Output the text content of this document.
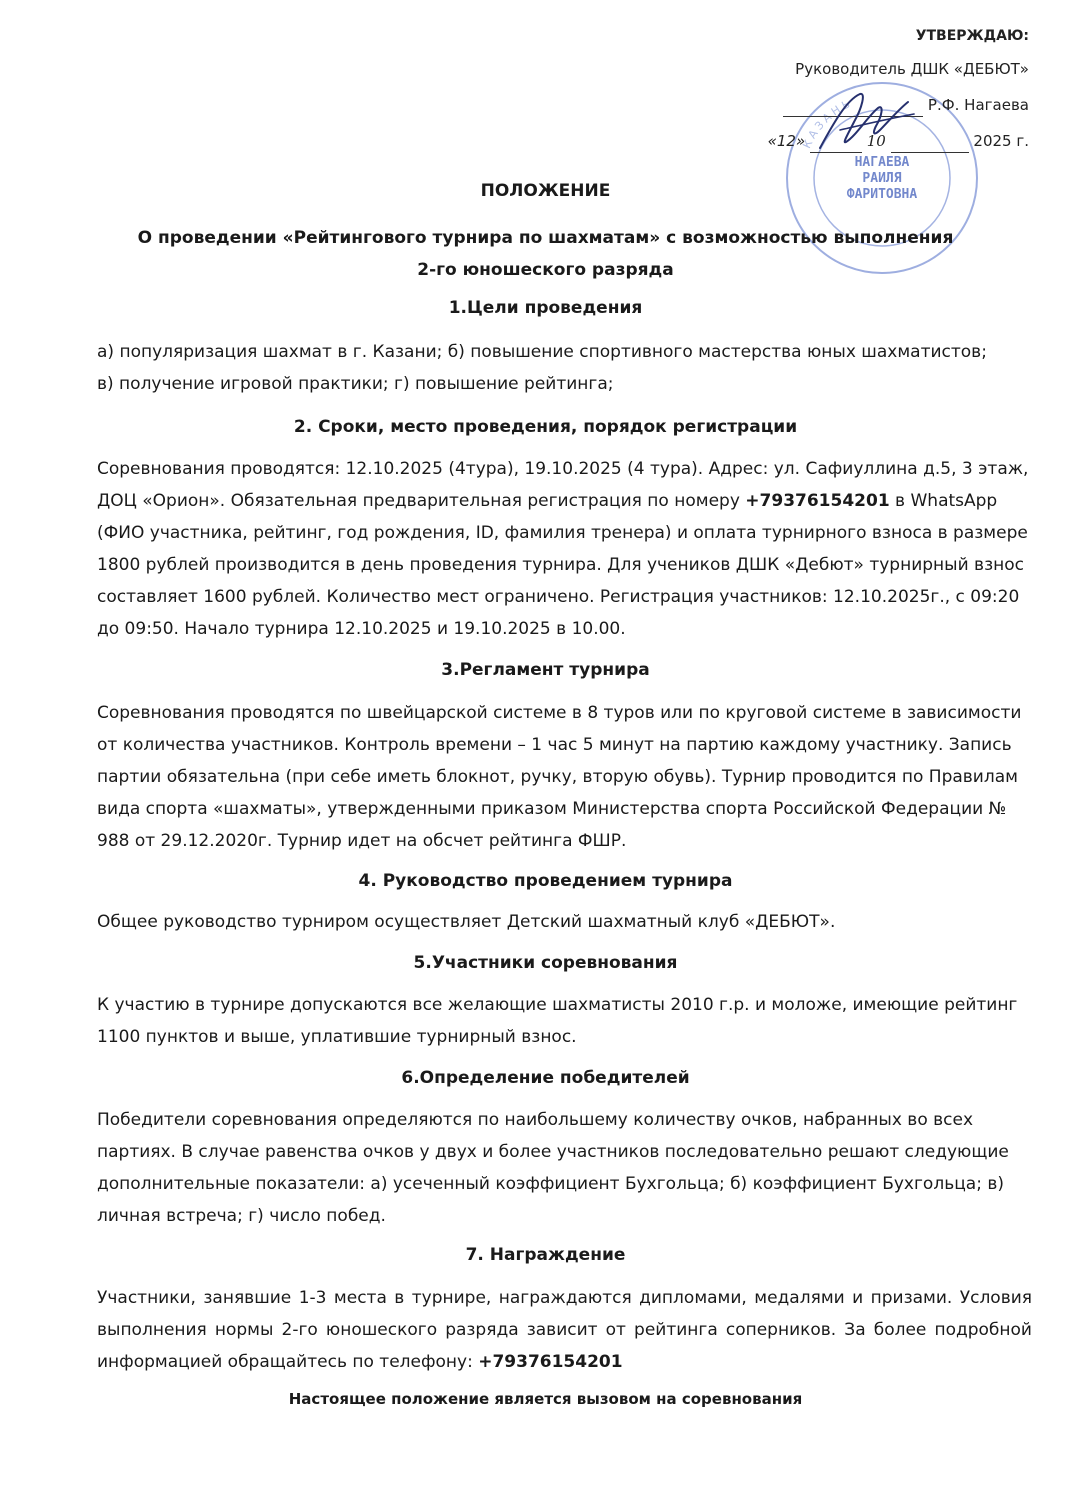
КАЗАНЬ
НАГАЕВА
РАИЛЯ
ФАРИТОВНА
УТВЕРЖДАЮ:
Руководитель ДШК «ДЕБЮТ»
Р.Ф. Нагаева
«12»	10	2025 г.
ПОЛОЖЕНИЕ
О проведении «Рейтингового турнира по шахматам» с возможностью выполнения
2-го юношеского разряда
1.Цели проведения
а) популяризация шахмат в г. Казани; б) повышение спортивного мастерства юных шахматистов;
в) получение игровой практики; г) повышение рейтинга;
2. Сроки, место проведения, порядок регистрации
Соревнования проводятся: 12.10.2025 (4тура), 19.10.2025 (4 тура). Адрес: ул. Сафиуллина д.5, 3 этаж, ДОЦ «Орион». Обязательная предварительная регистрация по номеру +79376154201 в WhatsApp (ФИО участника, рейтинг, год рождения, ID, фамилия тренера) и оплата турнирного взноса в размере 1800 рублей производится в день проведения турнира. Для учеников ДШК «Дебют» турнирный взнос составляет 1600 рублей. Количество мест ограничено. Регистрация участников: 12.10.2025г., с 09:20 до 09:50. Начало турнира 12.10.2025 и 19.10.2025 в 10.00.
3.Регламент турнира
Соревнования проводятся по швейцарской системе в 8 туров или по круговой системе в зависимости от количества участников. Контроль времени – 1 час 5 минут на партию каждому участнику. Запись партии обязательна (при себе иметь блокнот, ручку, вторую обувь). Турнир проводится по Правилам вида спорта «шахматы», утвержденными приказом Министерства спорта Российской Федерации № 988 от 29.12.2020г. Турнир идет на обсчет рейтинга ФШР.
4. Руководство проведением турнира
Общее руководство турниром осуществляет Детский шахматный клуб «ДЕБЮТ».
5.Участники соревнования
К участию в турнире допускаются все желающие шахматисты 2010 г.р. и моложе, имеющие рейтинг 1100 пунктов и выше, уплатившие турнирный взнос.
6.Определение победителей
Победители соревнования определяются по наибольшему количеству очков, набранных во всех партиях. В случае равенства очков у двух и более участников последовательно решают следующие дополнительные показатели: а) усеченный коэффициент Бухгольца; б) коэффициент Бухгольца; в) личная встреча; г) число побед.
7. Награждение
Участники, занявшие 1-3 места в турнире, награждаются дипломами, медалями и призами. Условия выполнения нормы 2-го юношеского разряда зависит от рейтинга соперников. За более подробной информацией обращайтесь по телефону: +79376154201
Настоящее положение является вызовом на соревнования
